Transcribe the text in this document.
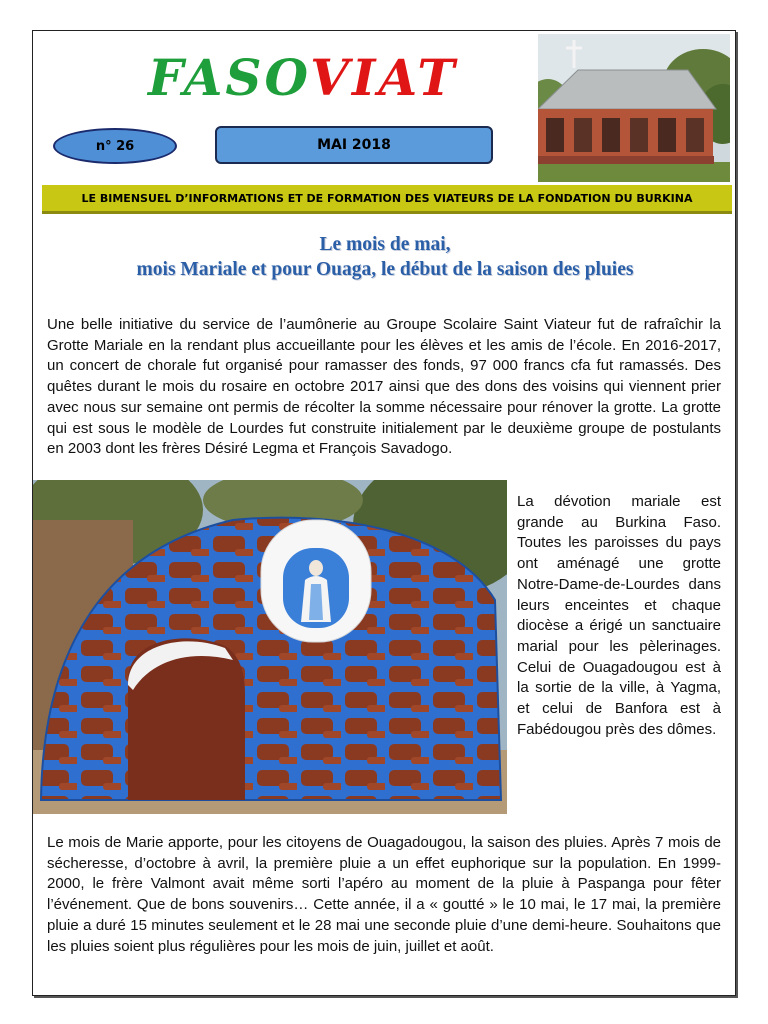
FASOVIAT
n° 26	MAI 2018
LE BIMENSUEL D’INFORMATIONS ET DE FORMATION DES VIATEURS DE LA FONDATION DU BURKINA
Le mois de mai,
mois Mariale et pour Ouaga, le début de la saison des pluies
Une belle initiative du service de l’aumônerie au Groupe Scolaire Saint Viateur fut de rafraîchir la Grotte Mariale en la rendant plus accueillante pour les élèves et les amis de l’école. En 2016-2017, un concert de chorale fut organisé pour ramasser des fonds, 97 000 francs cfa fut ramassés. Des quêtes durant le mois du rosaire en octobre 2017 ainsi que des dons des voisins qui viennent prier avec nous sur semaine ont permis de récolter la somme nécessaire pour rénover la grotte. La grotte qui est sous le modèle de Lourdes fut construite initialement par le deuxième groupe de postulants en 2003 dont les frères Désiré Legma et François Savadogo.
La dévotion mariale est grande au Burkina Faso. Toutes les paroisses du pays ont aménagé une grotte Notre-Dame-de-Lourdes dans leurs enceintes et chaque diocèse a érigé un sanctuaire marial pour les pèlerinages. Celui de Ouagadougou est à la sortie de la ville, à Yagma, et celui de Banfora est à Fabédougou près des dômes.
Le mois de Marie apporte, pour les citoyens de Ouagadougou, la saison des pluies. Après 7 mois de sécheresse, d’octobre à avril, la première pluie a un effet euphorique sur la population. En 1999-2000, le frère Valmont avait même sorti l’apéro au moment de la pluie à Paspanga pour fêter l’événement. Que de bons souvenirs… Cette année, il a « goutté » le 10 mai, le 17 mai, la première pluie a duré 15 minutes seulement et le 28 mai une seconde pluie d’une demi-heure. Souhaitons que les pluies soient plus régulières pour les mois de juin, juillet et août.
